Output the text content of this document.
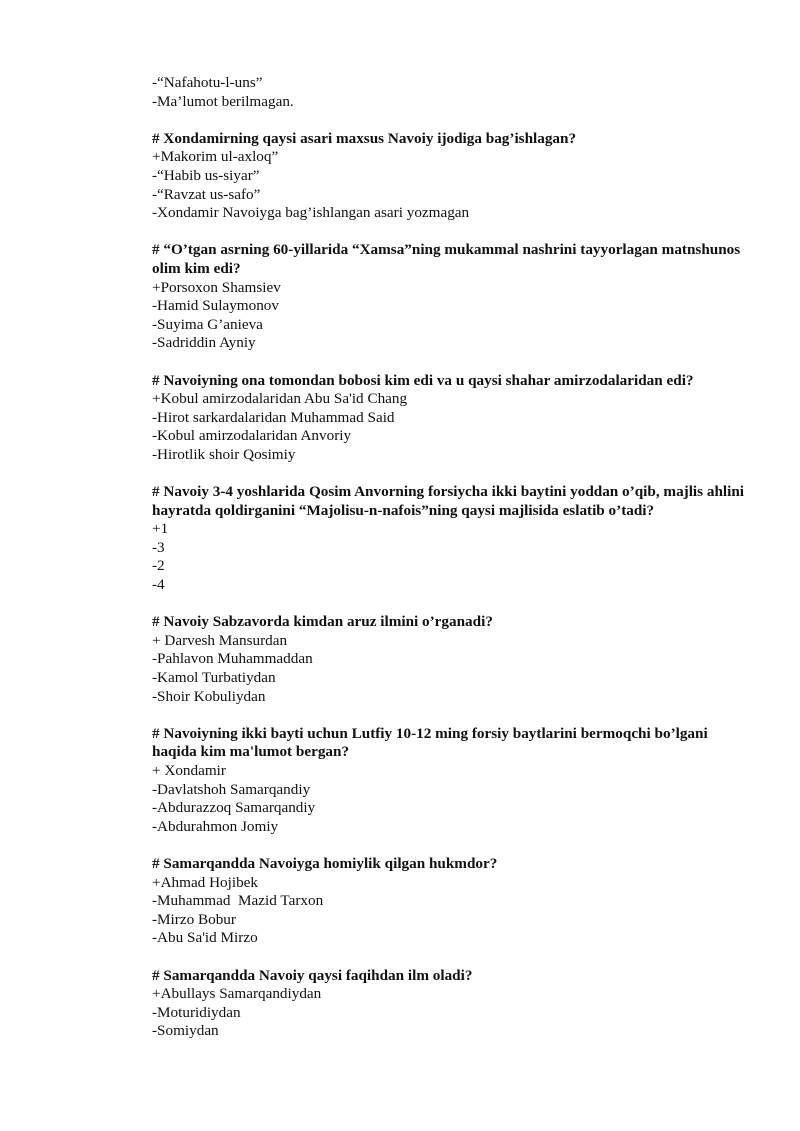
-“Nafahotu-l-uns”

-Ma’lumot berilmagan.

# Xondamirning qaysi asari maxsus Navoiy ijodiga bag’ishlagan?

+Makorim ul-axloq”

-“Habib us-siyar”

-“Ravzat us-safo”

-Xondamir Navoiyga bag’ishlangan asari yozmagan

# “O’tgan asrning 60-yillarida “Xamsa”ning mukammal nashrini tayyorlagan matnshunos olim kim edi?

+Porsoxon Shamsiev

-Hamid Sulaymonov

-Suyima G’anieva

-Sadriddin Ayniy

# Navoiyning ona tomondan bobosi kim edi va u qaysi shahar amirzodalaridan edi?

+Kobul amirzodalaridan Abu Sa'id Chang

-Hirot sarkardalaridan Muhammad Said

-Kobul amirzodalaridan Anvoriy

-Hirotlik shoir Qosimiy

# Navoiy 3-4 yoshlarida Qosim Anvorning forsiycha ikki baytini yoddan o’qib, majlis ahlini hayratda qoldirganini “Majolisu-n-nafois”ning qaysi majlisida eslatib o’tadi?

+1

-3

-2

-4

# Navoiy Sabzavorda kimdan aruz ilmini o’rganadi?

+ Darvesh Mansurdan

-Pahlavon Muhammaddan

-Kamol Turbatiydan

-Shoir Kobuliydan

# Navoiyning ikki bayti uchun Lutfiy 10-12 ming forsiy baytlarini bermoqchi bo’lgani haqida kim ma'lumot bergan?

+ Xondamir

-Davlatshoh Samarqandiy

-Abdurazzoq Samarqandiy

-Abdurahmon Jomiy

# Samarqandda Navoiyga homiylik qilgan hukmdor?

+Ahmad Hojibek

-Muhammad  Mazid Tarxon

-Mirzo Bobur

-Abu Sa'id Mirzo

# Samarqandda Navoiy qaysi faqihdan ilm oladi?

+Abullays Samarqandiydan

-Moturidiydan

-Somiydan
